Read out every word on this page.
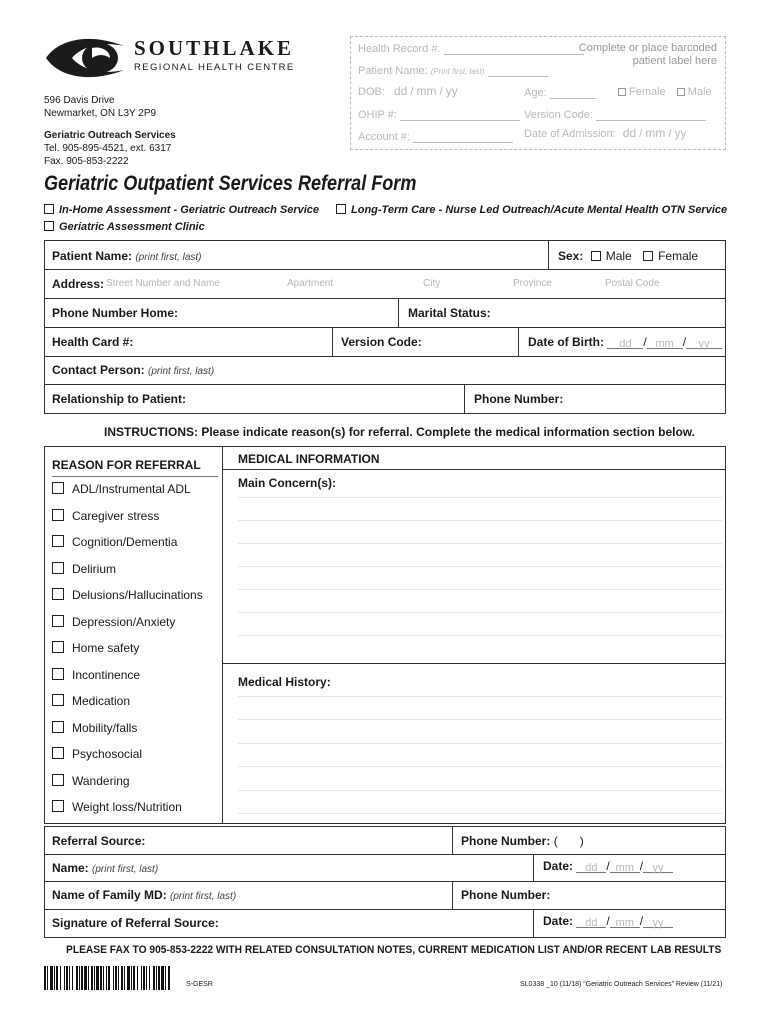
SOUTHLAKE
REGIONAL HEALTH CENTRE
596 Davis Drive
Newmarket, ON L3Y 2P9
Geriatric Outreach Services
Tel. 905-895-4521, ext. 6317
Fax. 905-853-2222
Health Record #:	Complete or place barcoded patient label here
Patient Name: (Print first, last)
DOB: dd / mm / yy	Age:	Female Male
OHIP #:	Version Code:
Account #:	Date of Admission: dd / mm / yy
Geriatric Outpatient Services Referral Form
In-Home Assessment - Geriatric Outreach Service
Geriatric Assessment Clinic
Long-Term Care - Nurse Led Outreach/Acute Mental Health OTN Service
Patient Name: (print first, last)	Sex: Male Female
Address: Street Number and Name	Apartment	City	Province	Postal Code
Phone Number Home:	Marital Status:
Health Card #:	Version Code:	Date of Birth: dd / mm / yy
Contact Person: (print first, last)
Relationship to Patient:	Phone Number:
INSTRUCTIONS: Please indicate reason(s) for referral. Complete the medical information section below.
REASON FOR REFERRAL
ADL/Instrumental ADL
Caregiver stress
Cognition/Dementia
Delirium
Delusions/Hallucinations
Depression/Anxiety
Home safety
Incontinence
Medication
Mobility/falls
Psychosocial
Wandering
Weight loss/Nutrition
MEDICAL INFORMATION
Main Concern(s):
Medical History:
Referral Source:	Phone Number: ( )
Name: (print first, last)	Date: dd / mm / yy
Name of Family MD: (print first, last)	Phone Number:
Signature of Referral Source:	Date: dd / mm / yy
PLEASE FAX TO 905-853-2222 WITH RELATED CONSULTATION NOTES, CURRENT MEDICATION LIST AND/OR RECENT LAB RESULTS
S-GESR	SL0338 _10 (11/18) “Geriatric Outreach Services” Review (11/21)
